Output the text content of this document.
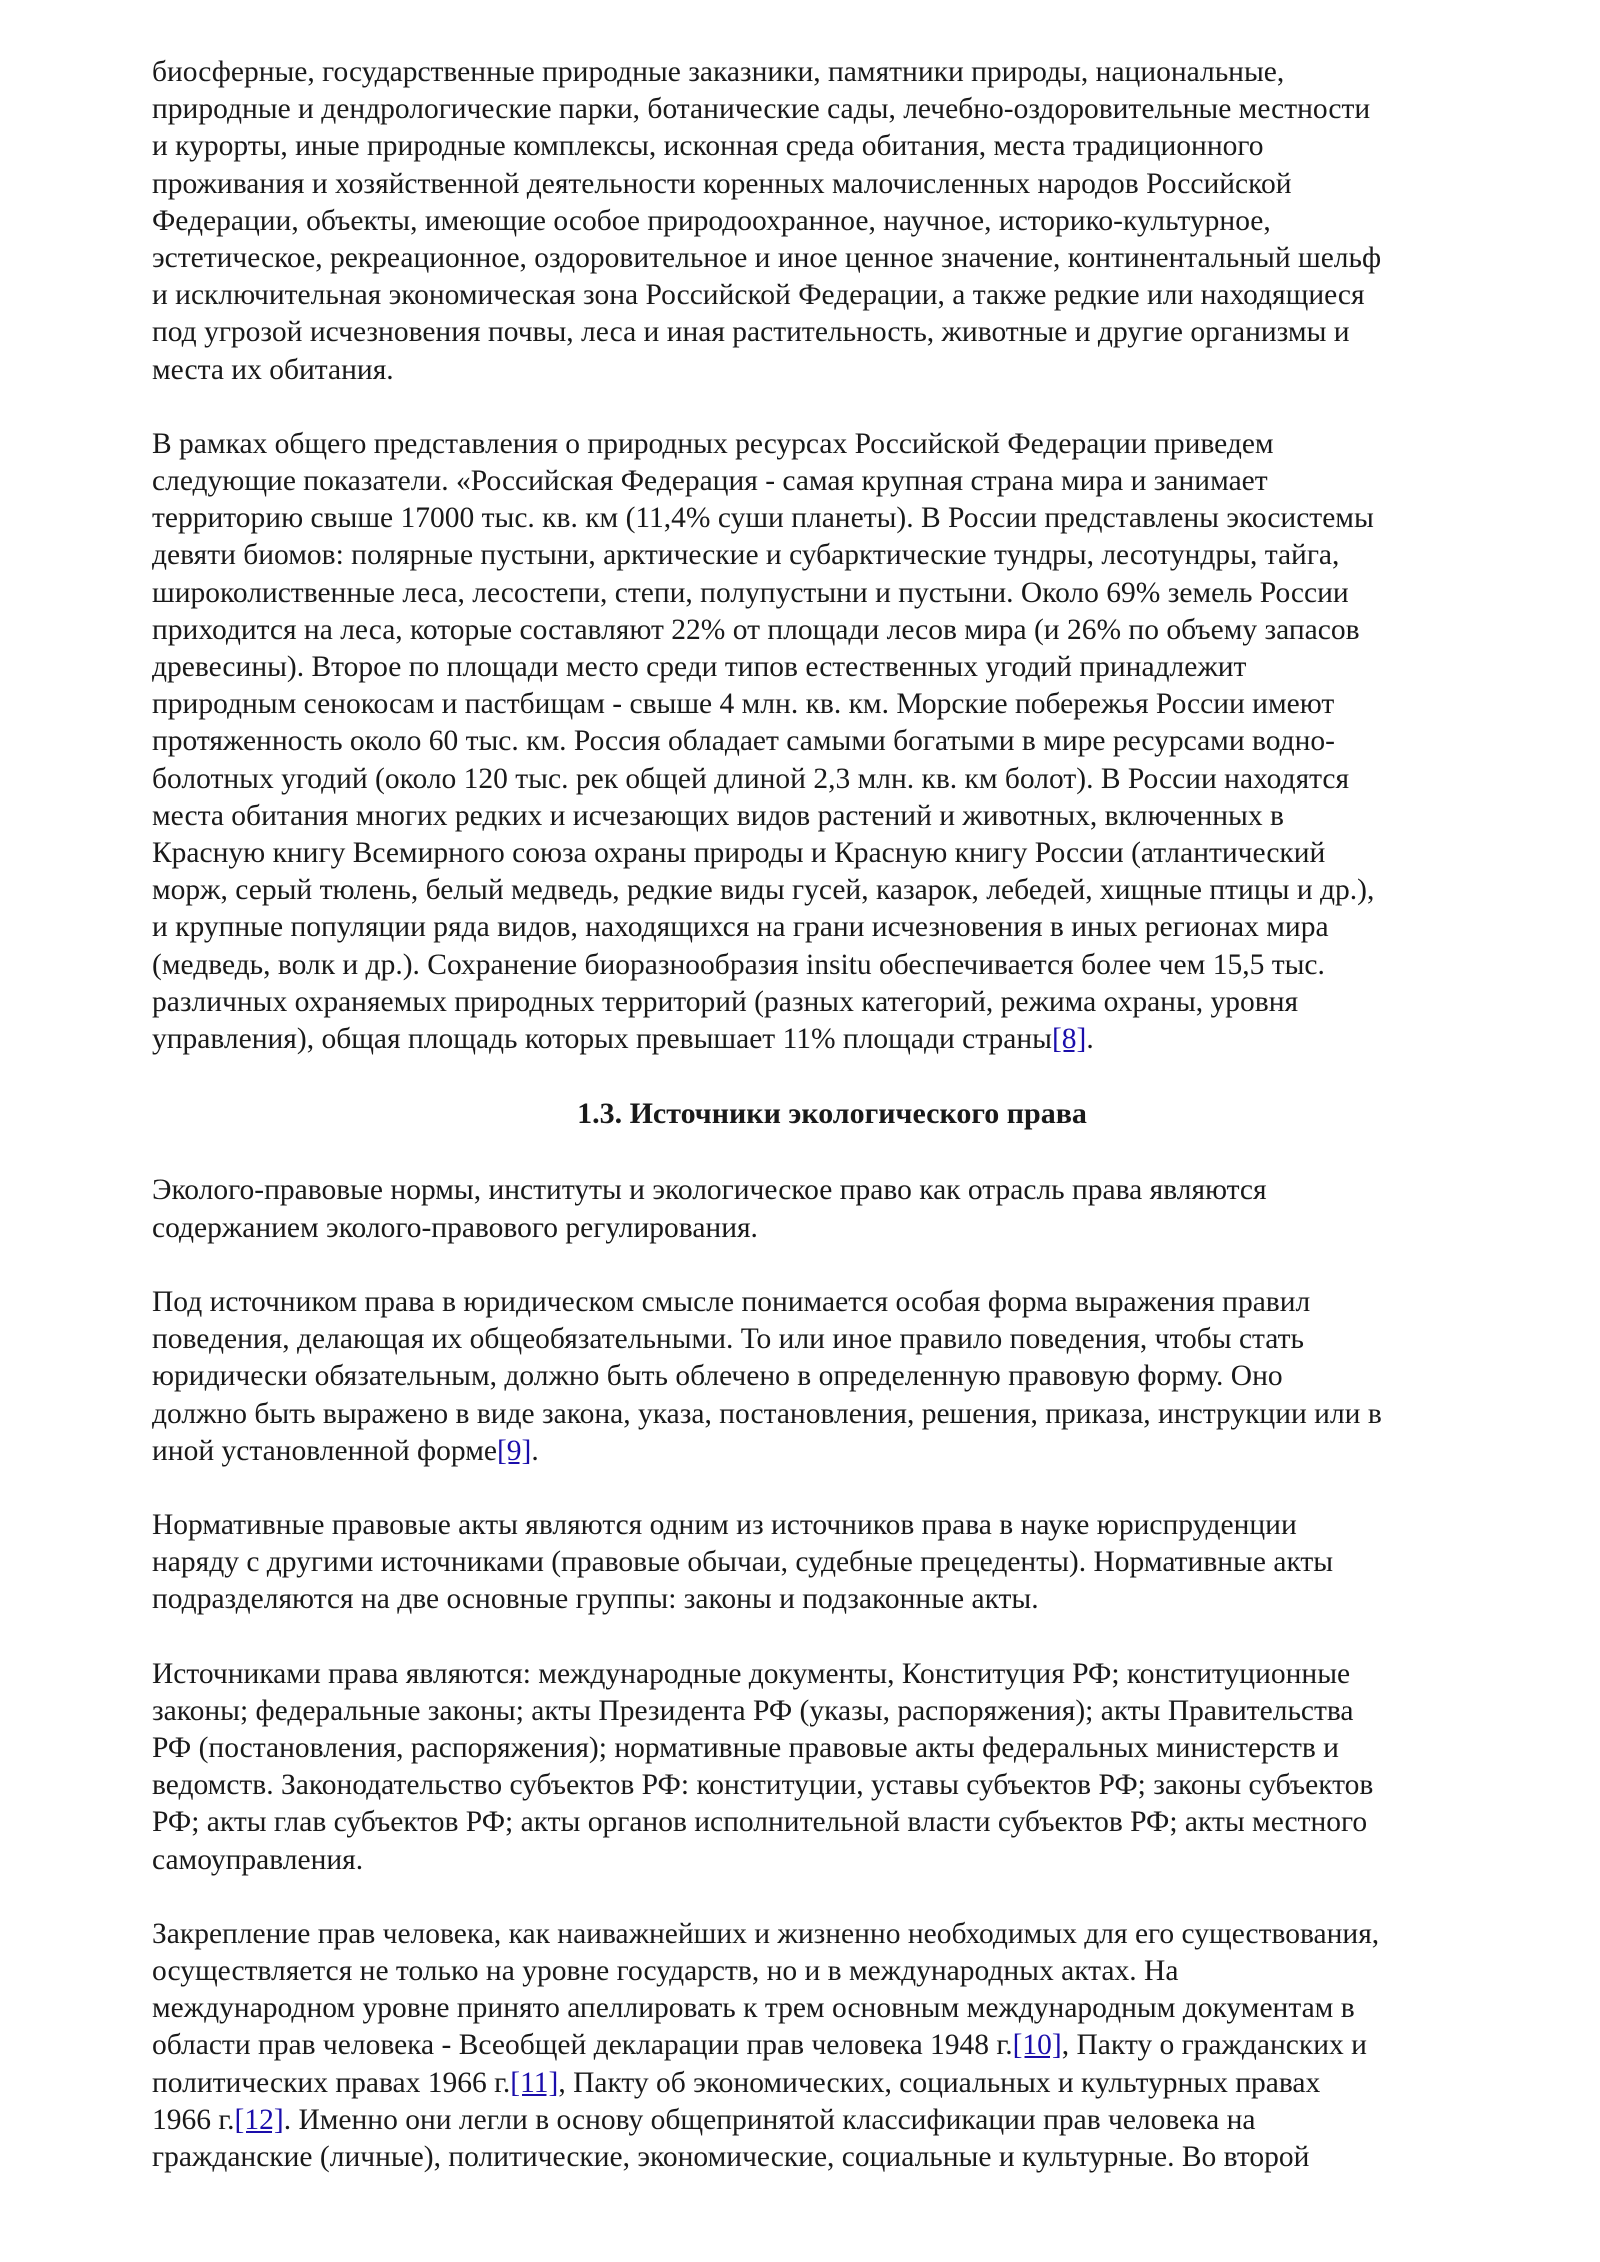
биосферные, государственные природные заказники, памятники природы, национальные,
природные и дендрологические парки, ботанические сады, лечебно-оздоровительные местности
и курорты, иные природные комплексы, исконная среда обитания, места традиционного
проживания и хозяйственной деятельности коренных малочисленных народов Российской
Федерации, объекты, имеющие особое природоохранное, научное, историко-культурное,
эстетическое, рекреационное, оздоровительное и иное ценное значение, континентальный шельф
и исключительная экономическая зона Российской Федерации, а также редкие или находящиеся
под угрозой исчезновения почвы, леса и иная растительность, животные и другие организмы и
места их обитания.

В рамках общего представления о природных ресурсах Российской Федерации приведем
следующие показатели. «Российская Федерация - самая крупная страна мира и занимает
территорию свыше 17000 тыс. кв. км (11,4% суши планеты). В России представлены экосистемы
девяти биомов: полярные пустыни, арктические и субарктические тундры, лесотундры, тайга,
широколиственные леса, лесостепи, степи, полупустыни и пустыни. Около 69% земель России
приходится на леса, которые составляют 22% от площади лесов мира (и 26% по объему запасов
древесины). Второе по площади место среди типов естественных угодий принадлежит
природным сенокосам и пастбищам - свыше 4 млн. кв. км. Морские побережья России имеют
протяженность около 60 тыс. км. Россия обладает самыми богатыми в мире ресурсами водно-
болотных угодий (около 120 тыс. рек общей длиной 2,3 млн. кв. км болот). В России находятся
места обитания многих редких и исчезающих видов растений и животных, включенных в
Красную книгу Всемирного союза охраны природы и Красную книгу России (атлантический
морж, серый тюлень, белый медведь, редкие виды гусей, казарок, лебедей, хищные птицы и др.),
и крупные популяции ряда видов, находящихся на грани исчезновения в иных регионах мира
(медведь, волк и др.). Сохранение биоразнообразия insitu обеспечивается более чем 15,5 тыс.
различных охраняемых природных территорий (разных категорий, режима охраны, уровня
управления), общая площадь которых превышает 11% площади страны[8].

1.3. Источники экологического права

Эколого-правовые нормы, институты и экологическое право как отрасль права являются
содержанием эколого-правового регулирования.

Под источником права в юридическом смысле понимается особая форма выражения правил
поведения, делающая их общеобязательными. То или иное правило поведения, чтобы стать
юридически обязательным, должно быть облечено в определенную правовую форму. Оно
должно быть выражено в виде закона, указа, постановления, решения, приказа, инструкции или в
иной установленной форме[9].

Нормативные правовые акты являются одним из источников права в науке юриспруденции
наряду с другими источниками (правовые обычаи, судебные прецеденты). Нормативные акты
подразделяются на две основные группы: законы и подзаконные акты.

Источниками права являются: международные документы, Конституция РФ; конституционные
законы; федеральные законы; акты Президента РФ (указы, распоряжения); акты Правительства
РФ (постановления, распоряжения); нормативные правовые акты федеральных министерств и
ведомств. Законодательство субъектов РФ: конституции, уставы субъектов РФ; законы субъектов
РФ; акты глав субъектов РФ; акты органов исполнительной власти субъектов РФ; акты местного
самоуправления.

Закрепление прав человека, как наиважнейших и жизненно необходимых для его существования,
осуществляется не только на уровне государств, но и в международных актах. На
международном уровне принято апеллировать к трем основным международным документам в
области прав человека - Всеобщей декларации прав человека 1948 г.[10], Пакту о гражданских и
политических правах 1966 г.[11], Пакту об экономических, социальных и культурных правах
1966 г.[12]. Именно они легли в основу общепринятой классификации прав человека на
гражданские (личные), политические, экономические, социальные и культурные. Во второй
